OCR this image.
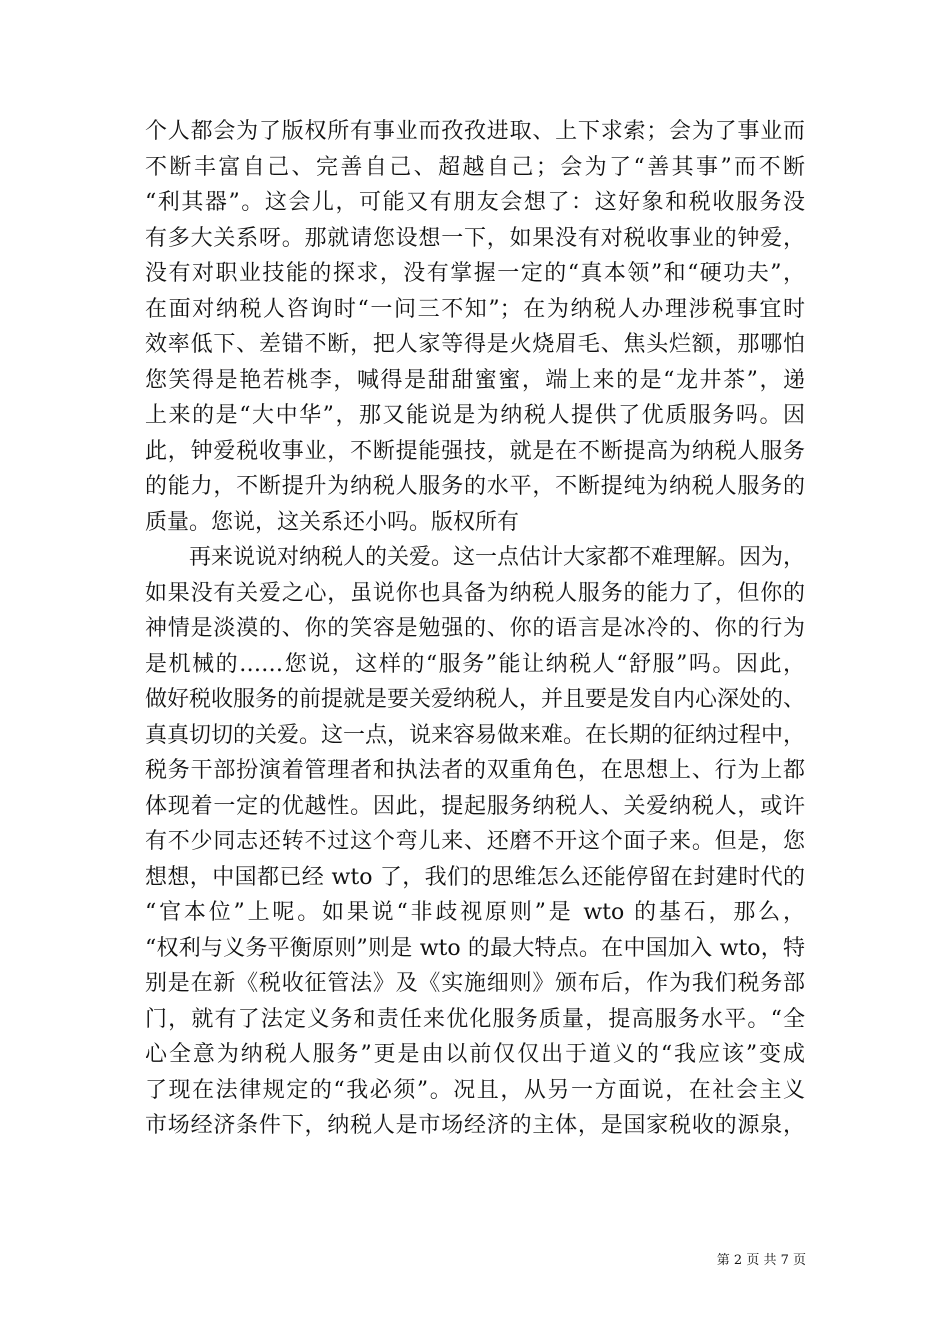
个人都会为了版权所有事业而孜孜进取、上下求索；会为了事业而
不断丰富自己、完善自己、超越自己；会为了“善其事”而不断
“利其器”。这会儿，可能又有朋友会想了：这好象和税收服务没
有多大关系呀。那就请您设想一下，如果没有对税收事业的钟爱，
没有对职业技能的探求，没有掌握一定的“真本领”和“硬功夫”，
在面对纳税人咨询时“一问三不知”；在为纳税人办理涉税事宜时
效率低下、差错不断，把人家等得是火烧眉毛、焦头烂额，那哪怕
您笑得是艳若桃李，喊得是甜甜蜜蜜，端上来的是“龙井茶”，递
上来的是“大中华”，那又能说是为纳税人提供了优质服务吗。因
此，钟爱税收事业，不断提能强技，就是在不断提高为纳税人服务
的能力，不断提升为纳税人服务的水平，不断提纯为纳税人服务的
质量。您说，这关系还小吗。版权所有
再来说说对纳税人的关爱。这一点估计大家都不难理解。因为，
如果没有关爱之心，虽说你也具备为纳税人服务的能力了，但你的
神情是淡漠的、你的笑容是勉强的、你的语言是冰冷的、你的行为
是机械的……您说，这样的“服务”能让纳税人“舒服”吗。因此，
做好税收服务的前提就是要关爱纳税人，并且要是发自内心深处的、
真真切切的关爱。这一点，说来容易做来难。在长期的征纳过程中，
税务干部扮演着管理者和执法者的双重角色，在思想上、行为上都
体现着一定的优越性。因此，提起服务纳税人、关爱纳税人，或许
有不少同志还转不过这个弯儿来、还磨不开这个面子来。但是，您
想想，中国都已经 wto 了，我们的思维怎么还能停留在封建时代的
“官本位”上呢。如果说“非歧视原则”是 wto 的基石，那么，
“权利与义务平衡原则”则是 wto 的最大特点。在中国加入 wto，特
别是在新《税收征管法》及《实施细则》颁布后，作为我们税务部
门，就有了法定义务和责任来优化服务质量，提高服务水平。“全
心全意为纳税人服务”更是由以前仅仅出于道义的“我应该”变成
了现在法律规定的“我必须”。况且，从另一方面说，在社会主义
市场经济条件下，纳税人是市场经济的主体，是国家税收的源泉，
第 2 页 共 7 页
